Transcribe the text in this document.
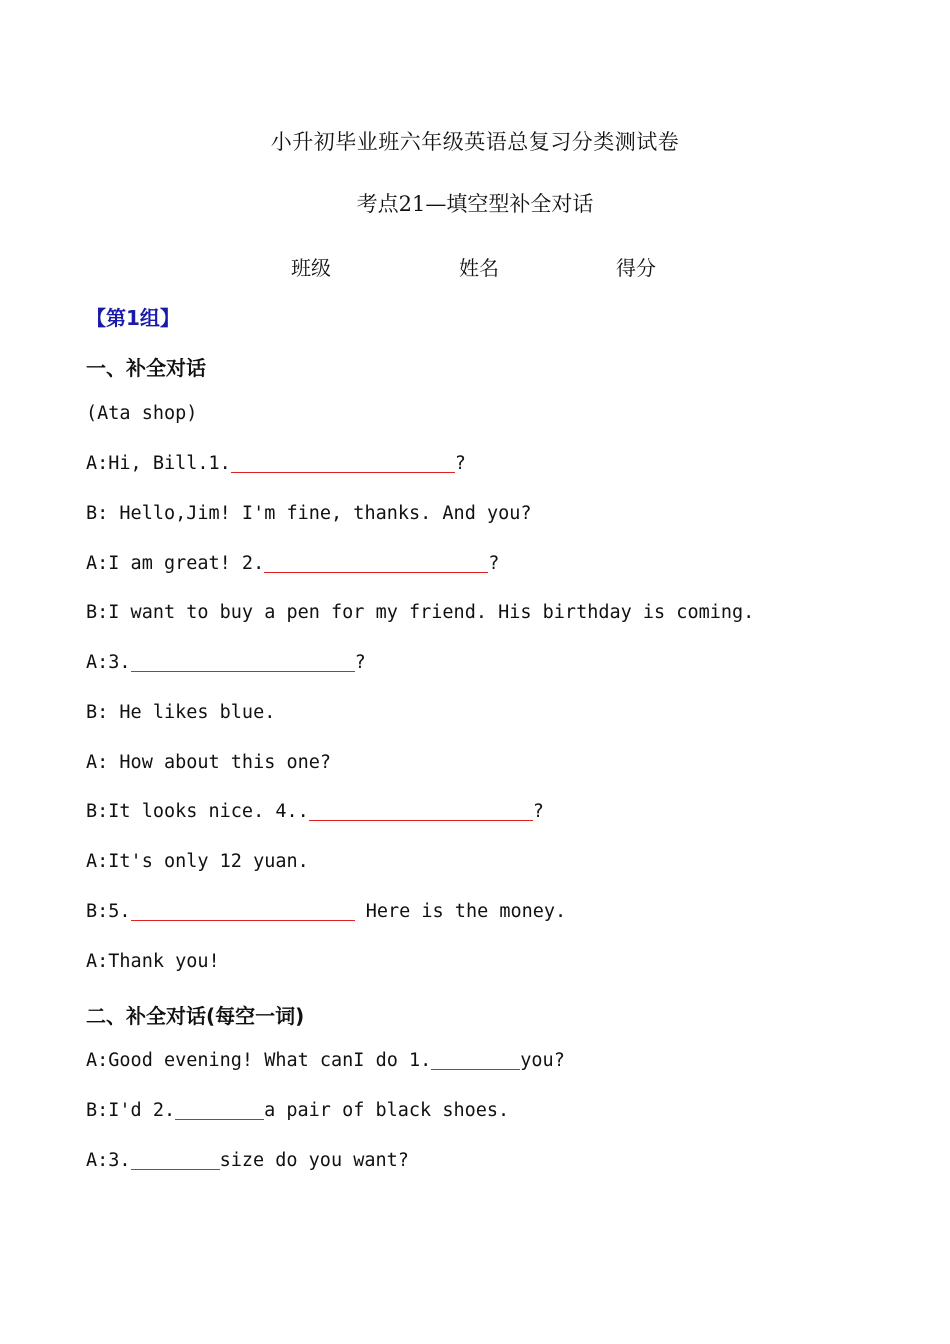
小升初毕业班六年级英语总复习分类测试卷
考点21—填空型补全对话
班级	姓名	得分
【第1组】
一、补全对话
(Ata shop)
A:Hi, Bill.1.	?
B: Hello,Jim! I'm fine, thanks. And you?
A:I am great! 2.	?
B:I want to buy a pen for my friend. His birthday is coming.
A:3.	?
B: He likes blue.
A: How about this one?
B:It looks nice. 4..	?
A:It's only 12 yuan.
B:5.	Here is the money.
A:Thank you!
二、补全对话(每空一词)
A:Good evening! What canI do 1.	you?
B:I'd 2.	a pair of black shoes.
A:3.	size do you want?
